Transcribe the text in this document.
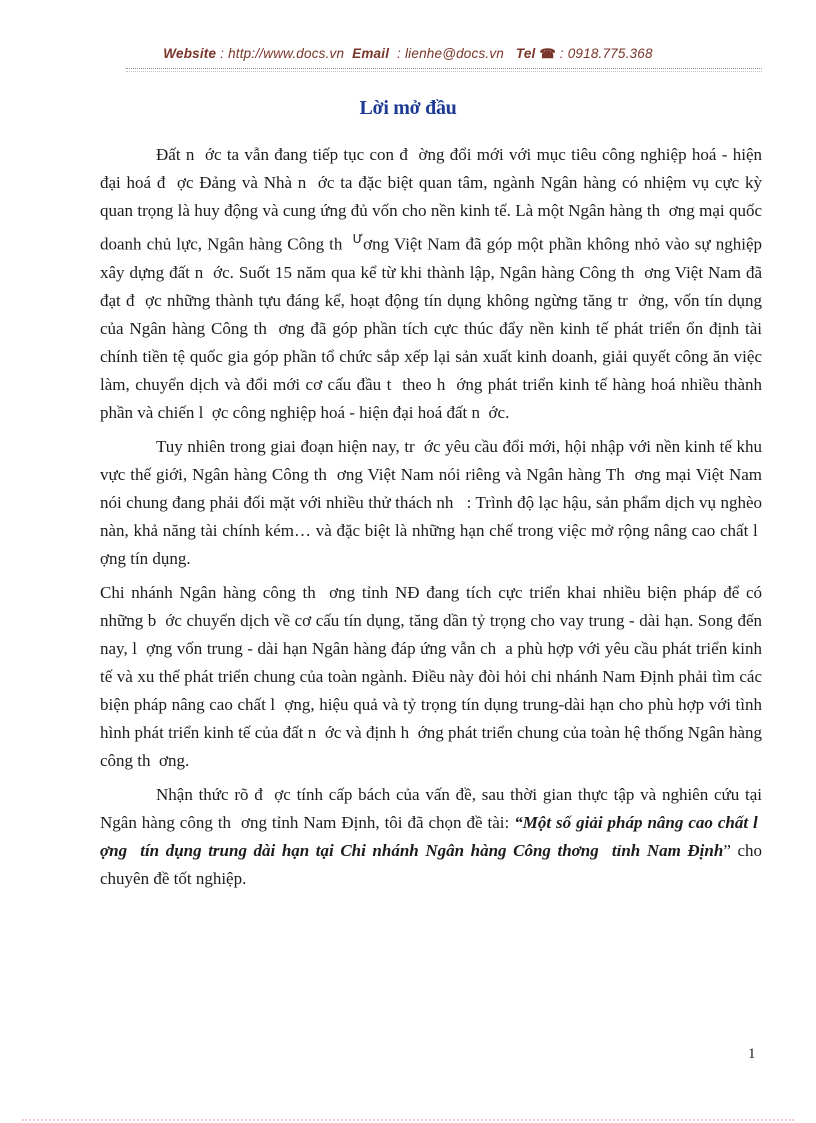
Website : http://www.docs.vn  Email  : lienhe@docs.vn   Tel ☎ : 0918.775.368
Lời mở đầu

Đất n  ớc ta vẫn đang tiếp tục con đ  ờng đổi mới với mục tiêu công nghiệp hoá - hiện đại hoá đ  ợc Đảng và Nhà n  ớc ta đặc biệt quan tâm, ngành Ngân hàng có nhiệm vụ cực kỳ quan trọng là huy động và cung ứng đủ vốn cho nền kinh tế. Là một Ngân hàng th  ơng mại quốc doanh chủ lực, Ngân hàng Công th  $^Ư$ơng Việt Nam đã góp một phần không nhỏ vào sự nghiệp xây dựng đất n  ớc. Suốt 15 năm qua kể từ khi thành lập, Ngân hàng Công th  ơng Việt Nam đã đạt đ  ợc những thành tựu đáng kể, hoạt động tín dụng không ngừng tăng tr  ởng, vốn tín dụng của Ngân hàng Công th  ơng đã góp phần tích cực thúc đẩy nền kinh tế phát triển ổn định tài chính tiền tệ quốc gia góp phần tổ chức sắp xếp lại sản xuất kinh doanh, giải quyết công ăn việc làm, chuyển dịch và đổi mới cơ cấu đầu t  theo h  ớng phát triển kinh tế hàng hoá nhiều thành phần và chiến l  ợc công nghiệp hoá - hiện đại hoá đất n  ớc.

Tuy nhiên trong giai đoạn hiện nay, tr  ớc yêu cầu đổi mới, hội nhập với nền kinh tế khu vực thế giới, Ngân hàng Công th  ơng Việt Nam nói riêng và Ngân hàng Th  ơng mại Việt Nam nói chung đang phải đối mặt với nhiều thử thách nh   : Trình độ lạc hậu, sản phẩm dịch vụ nghèo nàn, khả năng tài chính kém… và đặc biệt là những hạn chế trong việc mở rộng nâng cao chất l  ợng tín dụng.

Chi nhánh Ngân hàng công th  ơng tỉnh NĐ đang tích cực triển khai nhiều biện pháp để có những b  ớc chuyển dịch về cơ cấu tín dụng, tăng dần tỷ trọng cho vay trung - dài hạn. Song đến nay, l  ợng vốn trung - dài hạn Ngân hàng đáp ứng vẫn ch  a phù hợp với yêu cầu phát triển kinh tế và xu thế phát triển chung của toàn ngành. Điều này đòi hỏi chi nhánh Nam Định phải tìm các biện pháp nâng cao chất l  ợng, hiệu quả và tỷ trọng tín dụng trung-dài hạn cho phù hợp với tình hình phát triển kinh tế của đất n  ớc và định h  ớng phát triển chung của toàn hệ thống Ngân hàng công th  ơng.

Nhận thức rõ đ  ợc tính cấp bách của vấn đề, sau thời gian thực tập và nghiên cứu tại Ngân hàng công th  ơng tỉnh Nam Định, tôi đã chọn đề tài: “Một số giải pháp nâng cao chất l  ợng  tín dụng trung dài hạn tại Chi nhánh Ngân hàng Công thơng  tỉnh Nam Định” cho chuyên đề tốt nghiệp.

1
